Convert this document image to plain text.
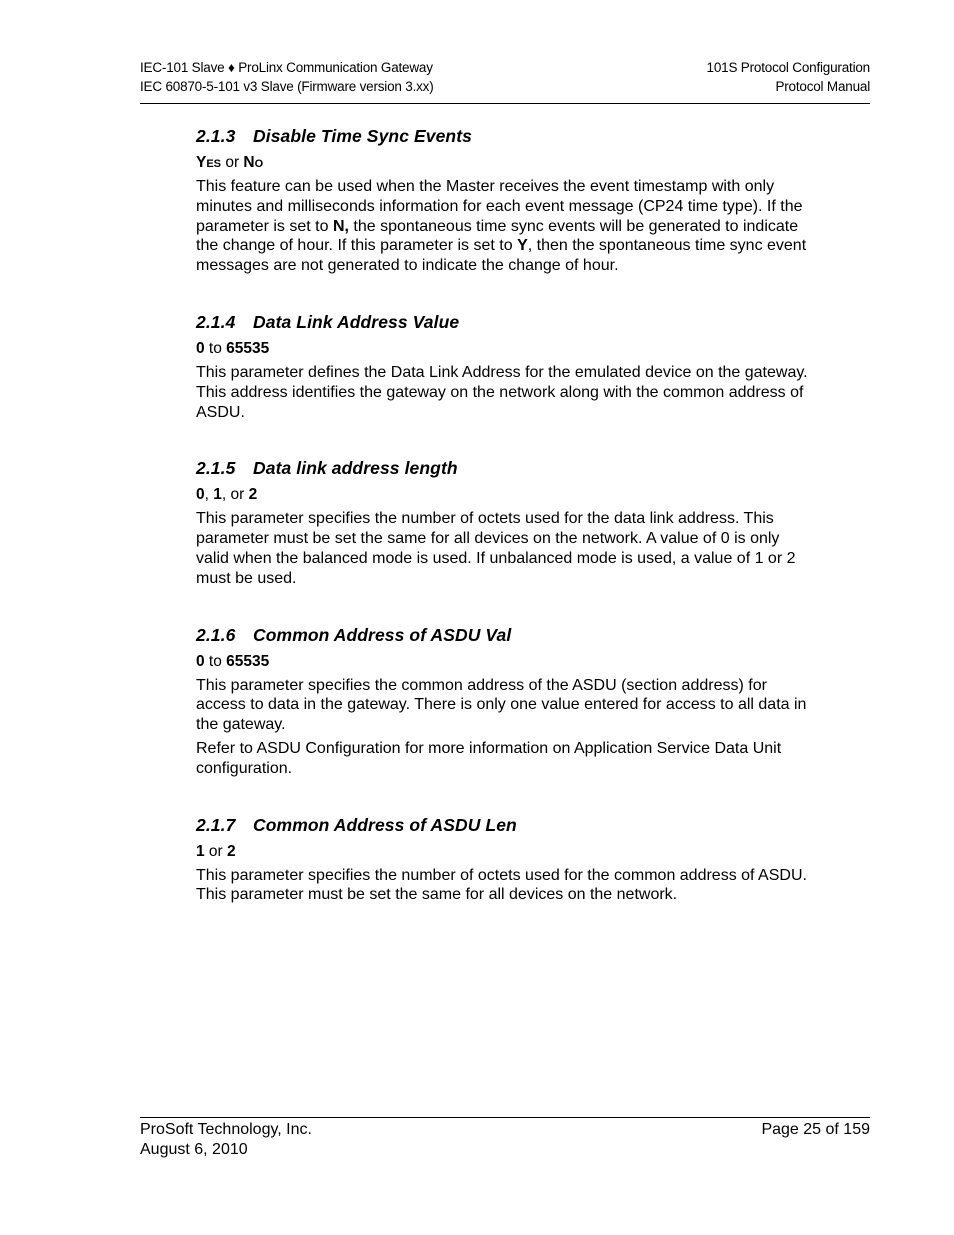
IEC-101 Slave ♦ ProLinx Communication Gateway
IEC 60870-5-101 v3 Slave (Firmware version 3.xx)
101S Protocol Configuration
Protocol Manual
2.1.3 Disable Time Sync Events
Yes or No

This feature can be used when the Master receives the event timestamp with only minutes and milliseconds information for each event message (CP24 time type). If the parameter is set to N, the spontaneous time sync events will be generated to indicate the change of hour. If this parameter is set to Y, then the spontaneous time sync event messages are not generated to indicate the change of hour.

2.1.4 Data Link Address Value
0 to 65535

This parameter defines the Data Link Address for the emulated device on the gateway. This address identifies the gateway on the network along with the common address of ASDU.

2.1.5 Data link address length
0, 1, or 2

This parameter specifies the number of octets used for the data link address. This parameter must be set the same for all devices on the network. A value of 0 is only valid when the balanced mode is used. If unbalanced mode is used, a value of 1 or 2 must be used.

2.1.6 Common Address of ASDU Val
0 to 65535

This parameter specifies the common address of the ASDU (section address) for access to data in the gateway. There is only one value entered for access to all data in the gateway.

Refer to ASDU Configuration for more information on Application Service Data Unit configuration.

2.1.7 Common Address of ASDU Len
1 or 2

This parameter specifies the number of octets used for the common address of ASDU. This parameter must be set the same for all devices on the network.

ProSoft Technology, Inc.
August 6, 2010
Page 25 of 159
